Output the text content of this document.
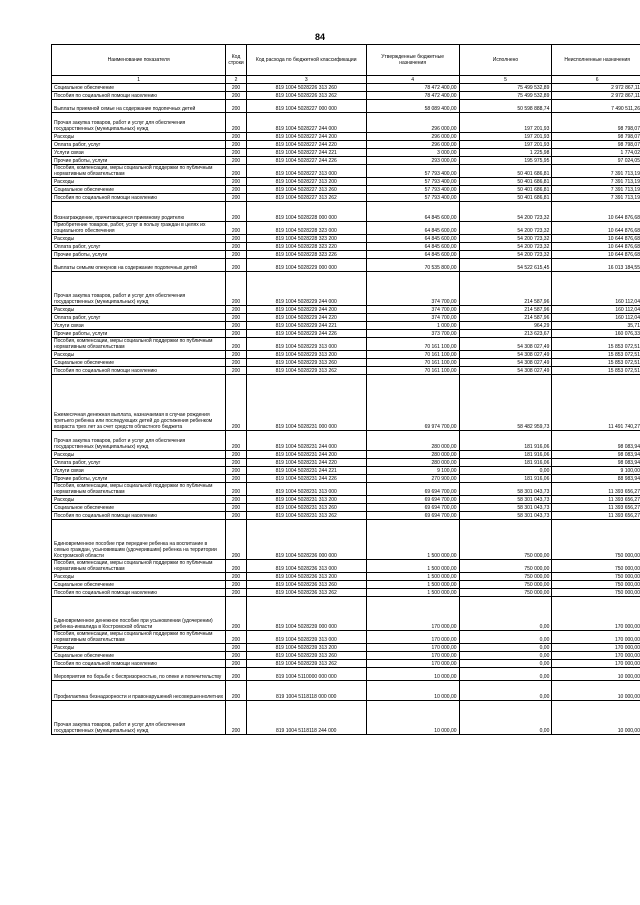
84
Наименование показателя	Код строки	Код расхода по бюджетной классификации	Утвержденные бюджетные назначения	Исполнено	Неисполненные назначения
1	2	3	4	5	6
Социальное обеспечение	200	819 1004 5028226 313 260	78 472 400,00	75 499 532,89	2 972 867,11
Пособия по социальной помощи населению	200	819 1004 5028226 313 262	78 472 400,00	75 499 532,89	2 972 867,11
Выплаты приемной семье на содержание подопечных детей	200	819 1004 5028227 000 000	58 089 400,00	50 598 888,74	7 490 511,26
Прочая закупка товаров, работ и услуг для обеспечения государственных (муниципальных) нужд	200	819 1004 5028227 244 000	296 000,00	197 201,93	98 798,07
Расходы	200	819 1004 5028227 244 200	296 000,00	197 201,93	98 798,07
Оплата работ, услуг	200	819 1004 5028227 244 220	296 000,00	197 201,93	98 798,07
Услуги связи	200	819 1004 5028227 244 221	3 000,00	1 225,98	1 774,02
Прочие работы, услуги	200	819 1004 5028227 244 226	293 000,00	195 975,95	97 024,05
Пособия, компенсации, меры социальной поддержки по публичным нормативным обязательствам	200	819 1004 5028227 313 000	57 793 400,00	50 401 686,81	7 391 713,19
Расходы	200	819 1004 5028227 313 200	57 793 400,00	50 401 686,81	7 391 713,19
Социальное обеспечение	200	819 1004 5028227 313 260	57 793 400,00	50 401 686,81	7 391 713,19
Пособия по социальной помощи населению	200	819 1004 5028227 313 262	57 793 400,00	50 401 686,81	7 391 713,19
Вознаграждение, причитающееся приемному родителю	200	819 1004 5028228 000 000	64 845 600,00	54 200 723,32	10 644 876,68
Приобретение товаров, работ, услуг в пользу граждан в целях их социального обеспечения	200	819 1004 5028228 323 000	64 845 600,00	54 200 723,32	10 644 876,68
Расходы	200	819 1004 5028228 323 200	64 845 600,00	54 200 723,32	10 644 876,68
Оплата работ, услуг	200	819 1004 5028228 323 220	64 845 600,00	54 200 723,32	10 644 876,68
Прочие работы, услуги	200	819 1004 5028228 323 226	64 845 600,00	54 200 723,32	10 644 876,68
Выплаты семьям опекунов на содержание подопечных детей	200	819 1004 5028229 000 000	70 535 800,00	54 522 615,45	16 013 184,55
Прочая закупка товаров, работ и услуг для обеспечения государственных (муниципальных) нужд	200	819 1004 5028229 244 000	374 700,00	214 587,96	160 112,04
Расходы	200	819 1004 5028229 244 200	374 700,00	214 587,96	160 112,04
Оплата работ, услуг	200	819 1004 5028229 244 220	374 700,00	214 587,96	160 112,04
Услуги связи	200	819 1004 5028229 244 221	1 000,00	964,29	35,71
Прочие работы, услуги	200	819 1004 5028229 244 226	373 700,00	213 623,67	160 076,33
Пособия, компенсации, меры социальной поддержки по публичным нормативным обязательствам	200	819 1004 5028229 313 000	70 161 100,00	54 308 027,49	15 853 072,51
Расходы	200	819 1004 5028229 313 200	70 161 100,00	54 308 027,49	15 853 072,51
Социальное обеспечение	200	819 1004 5028229 313 260	70 161 100,00	54 308 027,49	15 853 072,51
Пособия по социальной помощи населению	200	819 1004 5028229 313 262	70 161 100,00	54 308 027,49	15 853 072,51
Ежемесячная денежная выплата, назначаемая в случае рождения третьего ребенка или последующих детей до достижения ребенком возраста трех лет за счет средств областного бюджета	200	819 1004 5028231 000 000	69 974 700,00	58 482 959,73	11 491 740,27
Прочая закупка товаров, работ и услуг для обеспечения государственных (муниципальных) нужд	200	819 1004 5028231 244 000	280 000,00	181 916,06	98 083,94
Расходы	200	819 1004 5028231 244 200	280 000,00	181 916,06	98 083,94
Оплата работ, услуг	200	819 1004 5028231 244 220	280 000,00	181 916,06	98 083,94
Услуги связи	200	819 1004 5028231 244 221	9 100,00	0,00	9 100,00
Прочие работы, услуги	200	819 1004 5028231 244 226	270 900,00	181 916,06	88 983,94
Пособия, компенсации, меры социальной поддержки по публичным нормативным обязательствам	200	819 1004 5028231 313 000	69 694 700,00	58 301 043,73	11 393 656,27
Расходы	200	819 1004 5028231 313 200	69 694 700,00	58 301 043,73	11 393 656,27
Социальное обеспечение	200	819 1004 5028231 313 260	69 694 700,00	58 301 043,73	11 393 656,27
Пособия по социальной помощи населению	200	819 1004 5028231 313 262	69 694 700,00	58 301 043,73	11 393 656,27
Единовременное пособие при передаче ребенка на воспитание в семью граждан, усыновившим (удочерившим) ребенка на территории Костромской области	200	819 1004 5028236 000 000	1 500 000,00	750 000,00	750 000,00
Пособия, компенсации, меры социальной поддержки по публичным нормативным обязательствам	200	819 1004 5028236 313 000	1 500 000,00	750 000,00	750 000,00
Расходы	200	819 1004 5028236 313 200	1 500 000,00	750 000,00	750 000,00
Социальное обеспечение	200	819 1004 5028236 313 260	1 500 000,00	750 000,00	750 000,00
Пособия по социальной помощи населению	200	819 1004 5028236 313 262	1 500 000,00	750 000,00	750 000,00
Единовременное денежное пособие при усыновлении (удочерении) ребенка-инвалида в Костромской области	200	819 1004 5028239 000 000	170 000,00	0,00	170 000,00
Пособия, компенсации, меры социальной поддержки по публичным нормативным обязательствам	200	819 1004 5028239 313 000	170 000,00	0,00	170 000,00
Расходы	200	819 1004 5028239 313 200	170 000,00	0,00	170 000,00
Социальное обеспечение	200	819 1004 5028239 313 260	170 000,00	0,00	170 000,00
Пособия по социальной помощи населению	200	819 1004 5028239 313 262	170 000,00	0,00	170 000,00
Мероприятия по борьбе с беспризорностью, по опеке и попечительству	200	819 1004 5110000 000 000	10 000,00	0,00	10 000,00
Профилактика безнадзорности и правонарушений несовершеннолетних	200	819 1004 5118118 000 000	10 000,00	0,00	10 000,00
Прочая закупка товаров, работ и услуг для обеспечения государственных (муниципальных) нужд	200	819 1004 5118118 244 000	10 000,00	0,00	10 000,00
